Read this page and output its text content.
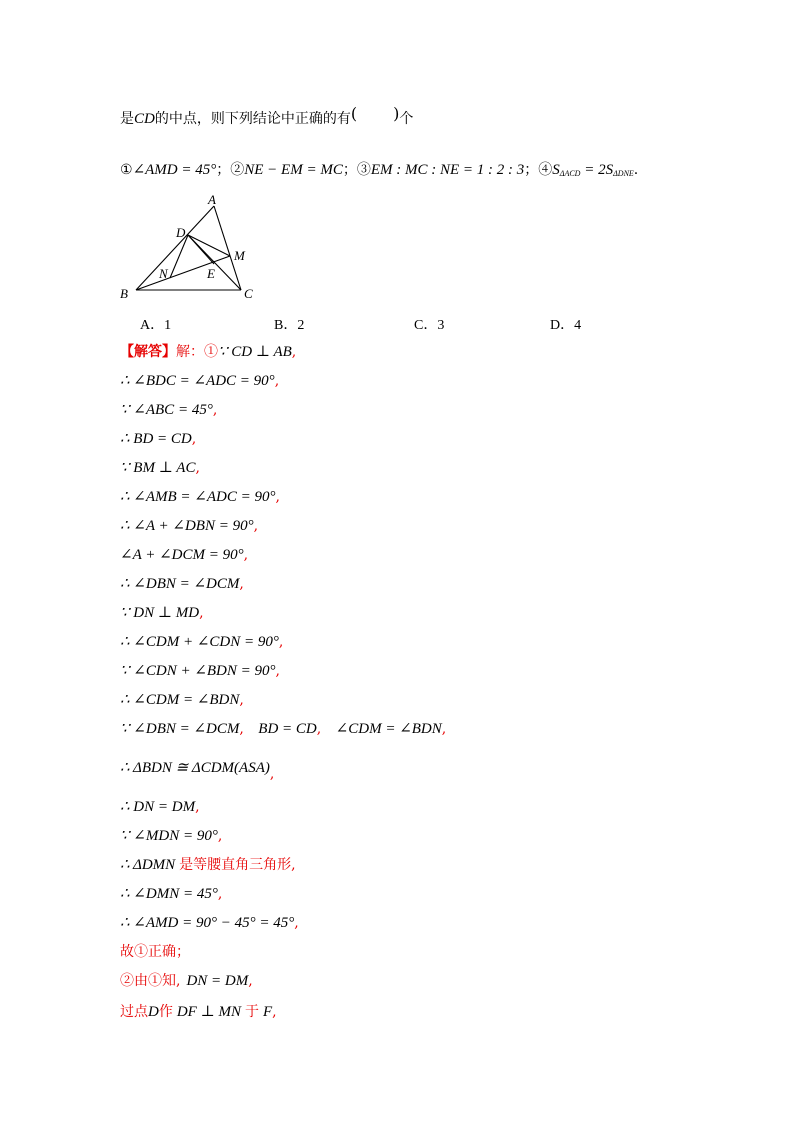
是CD的中点，则下列结论中正确的有( )个
①∠AMD = 45°；②NE − EM = MC；③EM : MC : NE = 1 : 2 : 3；$④S_{\Delta ACD} = 2S_{\Delta DNE}$.
A
B	C
D
E
M
N
A．1	B．2	C．3	D．4
【解答】解：①∵ CD ⊥ AB,
∴ ∠BDC = ∠ADC = 90°,
∵ ∠ABC = 45°,
∴ BD = CD,
∵ BM ⊥ AC,
∴ ∠AMB = ∠ADC = 90°,
∴ ∠A + ∠DBN = 90°,
∠A + ∠DCM = 90°,
∴ ∠DBN = ∠DCM,
∵ DN ⊥ MD,
∴ ∠CDM + ∠CDN = 90°,
∵ ∠CDN + ∠BDN = 90°,
∴ ∠CDM = ∠BDN,
∵ ∠DBN = ∠DCM, BD = CD, ∠CDM = ∠BDN,
∴ ΔBDN ≅ ΔCDM(ASA),
∴ DN = DM,
∵ ∠MDN = 90°,
∴ ΔDMN 是等腰直角三角形,
∴ ∠DMN = 45°,
∴ ∠AMD = 90° − 45° = 45°,
故①正确；
②由①知, DN = DM,
过点D作 DF ⊥ MN 于 F,
